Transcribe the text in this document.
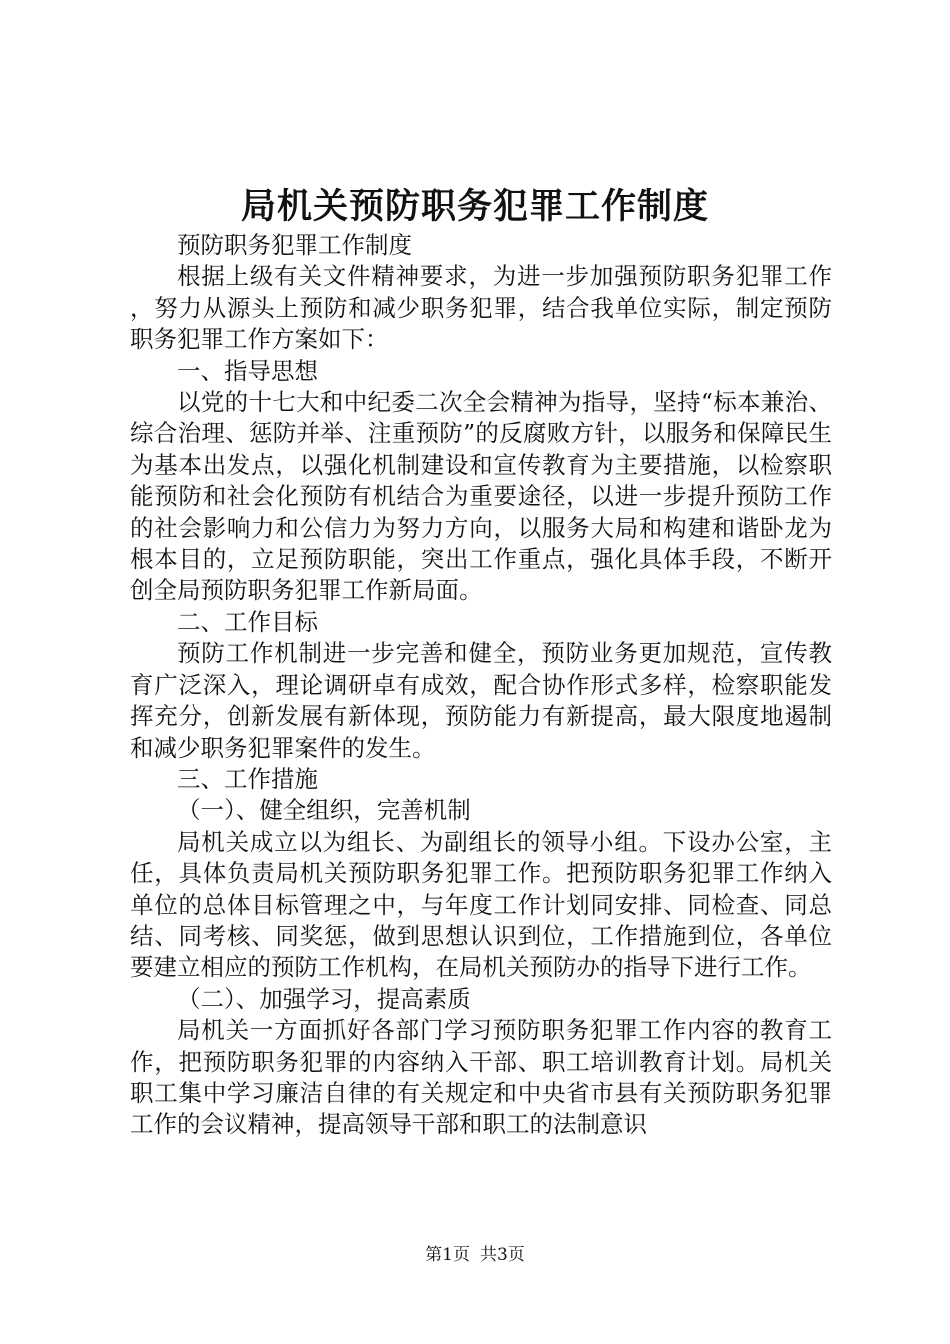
局机关预防职务犯罪工作制度

预防职务犯罪工作制度

根据上级有关文件精神要求，为进一步加强预防职务犯罪工作，努力从源头上预防和减少职务犯罪，结合我单位实际，制定预防职务犯罪工作方案如下：

一、指导思想

以党的十七大和中纪委二次全会精神为指导，坚持“标本兼治、综合治理、惩防并举、注重预防”的反腐败方针，以服务和保障民生为基本出发点，以强化机制建设和宣传教育为主要措施，以检察职能预防和社会化预防有机结合为重要途径，以进一步提升预防工作的社会影响力和公信力为努力方向，以服务大局和构建和谐卧龙为根本目的，立足预防职能，突出工作重点，强化具体手段，不断开创全局预防职务犯罪工作新局面。

二、工作目标

预防工作机制进一步完善和健全，预防业务更加规范，宣传教育广泛深入，理论调研卓有成效，配合协作形式多样，检察职能发挥充分，创新发展有新体现，预防能力有新提高，最大限度地遏制和减少职务犯罪案件的发生。

三、工作措施

（一）、健全组织，完善机制

局机关成立以为组长、为副组长的领导小组。下设办公室，主任，具体负责局机关预防职务犯罪工作。把预防职务犯罪工作纳入单位的总体目标管理之中，与年度工作计划同安排、同检查、同总结、同考核、同奖惩，做到思想认识到位，工作措施到位，各单位要建立相应的预防工作机构，在局机关预防办的指导下进行工作。

（二）、加强学习，提高素质

局机关一方面抓好各部门学习预防职务犯罪工作内容的教育工作，把预防职务犯罪的内容纳入干部、职工培训教育计划。局机关职工集中学习廉洁自律的有关规定和中央省市县有关预防职务犯罪工作的会议精神，提高领导干部和职工的法制意识

第1页 共3页
